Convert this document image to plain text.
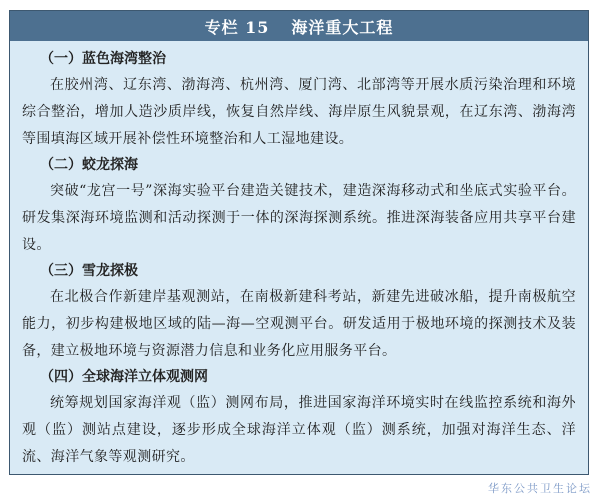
专栏 15 海洋重大工程
（一）蓝色海湾整治

在胶州湾、辽东湾、渤海湾、杭州湾、厦门湾、北部湾等开展水质污染治理和环境综合整治，增加人造沙质岸线，恢复自然岸线、海岸原生风貌景观，在辽东湾、渤海湾等围填海区域开展补偿性环境整治和人工湿地建设。

（二）蛟龙探海

突破“龙宫一号”深海实验平台建造关键技术，建造深海移动式和坐底式实验平台。研发集深海环境监测和活动探测于一体的深海探测系统。推进深海装备应用共享平台建设。

（三）雪龙探极

在北极合作新建岸基观测站，在南极新建科考站，新建先进破冰船，提升南极航空能力，初步构建极地区域的陆—海—空观测平台。研发适用于极地环境的探测技术及装备，建立极地环境与资源潜力信息和业务化应用服务平台。

（四）全球海洋立体观测网

统筹规划国家海洋观（监）测网布局，推进国家海洋环境实时在线监控系统和海外观（监）测站点建设，逐步形成全球海洋立体观（监）测系统，加强对海洋生态、洋流、海洋气象等观测研究。

华东公共卫生论坛
